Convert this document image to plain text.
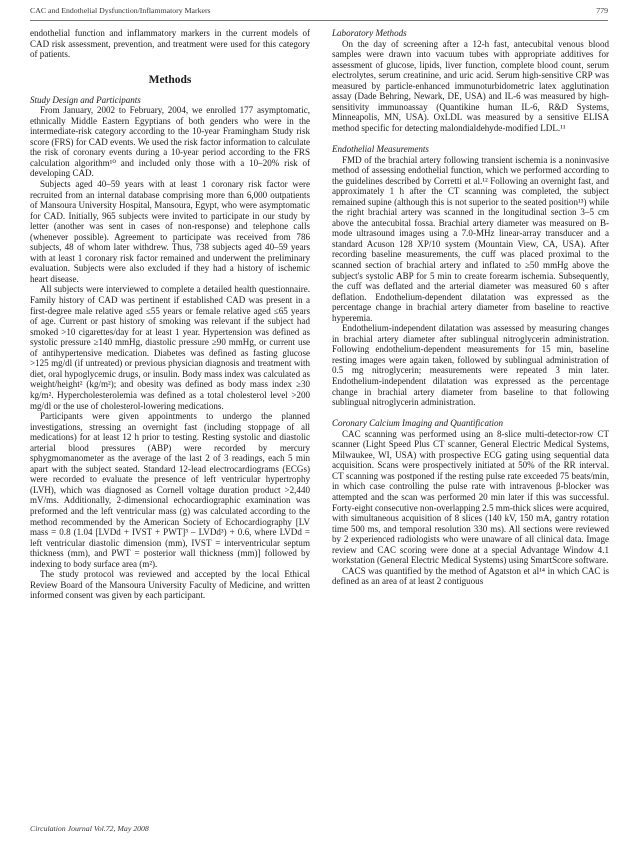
CAC and Endothelial Dysfunction/Inflammatory Markers	779

endothelial function and inflammatory markers in the current models of CAD risk assessment, prevention, and treatment were used for this category of patients.

Methods
Study Design and Participants

From January, 2002 to February, 2004, we enrolled 177 asymptomatic, ethnically Middle Eastern Egyptians of both genders who were in the intermediate-risk category according to the 10-year Framingham Study risk score (FRS) for CAD events. We used the risk factor information to calculate the risk of coronary events during a 10-year period according to the FRS calculation algorithm¹⁰ and included only those with a 10–20% risk of developing CAD.

Subjects aged 40–59 years with at least 1 coronary risk factor were recruited from an internal database comprising more than 6,000 outpatients of Mansoura University Hospital, Mansoura, Egypt, who were asymptomatic for CAD. Initially, 965 subjects were invited to participate in our study by letter (another was sent in cases of non-response) and telephone calls (whenever possible). Agreement to participate was received from 786 subjects, 48 of whom later withdrew. Thus, 738 subjects aged 40–59 years with at least 1 coronary risk factor remained and underwent the preliminary evaluation. Subjects were also excluded if they had a history of ischemic heart disease.

All subjects were interviewed to complete a detailed health questionnaire. Family history of CAD was pertinent if established CAD was present in a first-degree male relative aged ≤55 years or female relative aged ≤65 years of age. Current or past history of smoking was relevant if the subject had smoked >10 cigarettes/day for at least 1 year. Hypertension was defined as systolic pressure ≥140 mmHg, diastolic pressure ≥90 mmHg, or current use of antihypertensive medication. Diabetes was defined as fasting glucose >125 mg/dl (if untreated) or previous physician diagnosis and treatment with diet, oral hypoglycemic drugs, or insulin. Body mass index was calculated as weight/height² (kg/m²); and obesity was defined as body mass index ≥30 kg/m². Hypercholesterolemia was defined as a total cholesterol level >200 mg/dl or the use of cholesterol-lowering medications.

Participants were given appointments to undergo the planned investigations, stressing an overnight fast (including stoppage of all medications) for at least 12 h prior to testing. Resting systolic and diastolic arterial blood pressures (ABP) were recorded by mercury sphygmomanometer as the average of the last 2 of 3 readings, each 5 min apart with the subject seated. Standard 12-lead electrocardiograms (ECGs) were recorded to evaluate the presence of left ventricular hypertrophy (LVH), which was diagnosed as Cornell voltage duration product >2,440 mV/ms. Additionally, 2-dimensional echocardiographic examination was preformed and the left ventricular mass (g) was calculated according to the method recommended by the American Society of Echocardiography [LV mass = 0.8 (1.04 [LVDd + IVST + PWT]³ – LVDd³) + 0.6, where LVDd = left ventricular diastolic dimension (mm), IVST = interventricular septum thickness (mm), and PWT = posterior wall thickness (mm)] followed by indexing to body surface area (m²).

The study protocol was reviewed and accepted by the local Ethical Review Board of the Mansoura University Faculty of Medicine, and written informed consent was given by each participant.

Laboratory Methods

On the day of screening after a 12-h fast, antecubital venous blood samples were drawn into vacuum tubes with appropriate additives for assessment of glucose, lipids, liver function, complete blood count, serum electrolytes, serum creatinine, and uric acid. Serum high-sensitive CRP was measured by particle-enhanced immunoturbidometric latex agglutination assay (Dade Behring, Newark, DE, USA) and IL-6 was measured by high-sensitivity immunoassay (Quantikine human IL-6, R&D Systems, Minneapolis, MN, USA). OxLDL was measured by a sensitive ELISA method specific for detecting malondialdehyde-modified LDL.¹¹

Endothelial Measurements

FMD of the brachial artery following transient ischemia is a noninvasive method of assessing endothelial function, which we performed according to the guidelines described by Corretti et al.¹² Following an overnight fast, and approximately 1 h after the CT scanning was completed, the subject remained supine (although this is not superior to the seated position¹³) while the right brachial artery was scanned in the longitudinal section 3–5 cm above the antecubital fossa. Brachial artery diameter was measured on B-mode ultrasound images using a 7.0-MHz linear-array transducer and a standard Acuson 128 XP/10 system (Mountain View, CA, USA). After recording baseline measurements, the cuff was placed proximal to the scanned section of brachial artery and inflated to ≥50 mmHg above the subject's systolic ABP for 5 min to create forearm ischemia. Subsequently, the cuff was deflated and the arterial diameter was measured 60 s after deflation. Endothelium-dependent dilatation was expressed as the percentage change in brachial artery diameter from baseline to reactive hyperemia.

Endothelium-independent dilatation was assessed by measuring changes in brachial artery diameter after sublingual nitroglycerin administration. Following endothelium-dependent measurements for 15 min, baseline resting images were again taken, followed by sublingual administration of 0.5 mg nitroglycerin; measurements were repeated 3 min later. Endothelium-independent dilatation was expressed as the percentage change in brachial artery diameter from baseline to that following sublingual nitroglycerin administration.

Coronary Calcium Imaging and Quantification

CAC scanning was performed using an 8-slice multi-detector-row CT scanner (Light Speed Plus CT scanner, General Electric Medical Systems, Milwaukee, WI, USA) with prospective ECG gating using sequential data acquisition. Scans were prospectively initiated at 50% of the RR interval. CT scanning was postponed if the resting pulse rate exceeded 75 beats/min, in which case controlling the pulse rate with intravenous β-blocker was attempted and the scan was performed 20 min later if this was successful. Forty-eight consecutive non-overlapping 2.5 mm-thick slices were acquired, with simultaneous acquisition of 8 slices (140 kV, 150 mA, gantry rotation time 500 ms, and temporal resolution 330 ms). All sections were reviewed by 2 experienced radiologists who were unaware of all clinical data. Image review and CAC scoring were done at a special Advantage Window 4.1 workstation (General Electric Medical Systems) using SmartScore software.

CACS was quantified by the method of Agatston et al¹⁴ in which CAC is defined as an area of at least 2 contiguous

Circulation Journal Vol.72, May 2008
